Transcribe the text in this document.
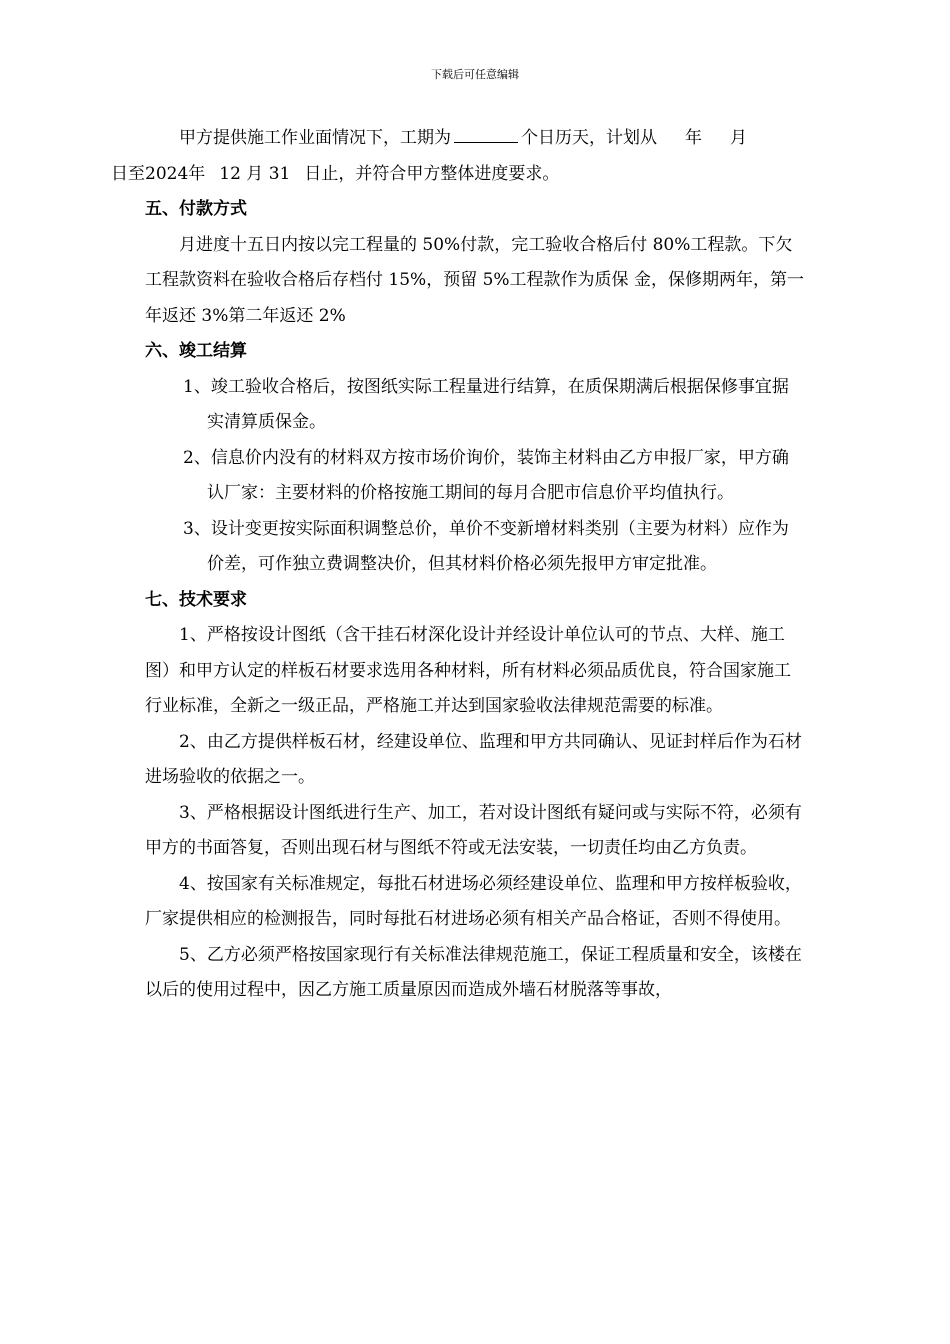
下载后可任意编辑

甲方提供施工作业面情况下，工期为	个日历天，计划从 年 月
日至2024年 12 月 31 日止，并符合甲方整体进度要求。

五、付款方式

月进度十五日内按以完工程量的 50%付款，完工验收合格后付 80%工程款。下欠工程款资料在验收合格后存档付 15%，预留 5%工程款作为质保 金，保修期两年，第一年返还 3%第二年返还 2%

六、竣工结算

1、竣工验收合格后，按图纸实际工程量进行结算，在质保期满后根据保修事宜据实清算质保金。

2、信息价内没有的材料双方按市场价询价，装饰主材料由乙方申报厂家，甲方确认厂家：主要材料的价格按施工期间的每月合肥市信息价平均值执行。

3、设计变更按实际面积调整总价，单价不变新增材料类别（主要为材料）应作为价差，可作独立费调整决价，但其材料价格必须先报甲方审定批准。

七、技术要求

1、严格按设计图纸（含干挂石材深化设计并经设计单位认可的节点、大样、施工图）和甲方认定的样板石材要求选用各种材料，所有材料必须品质优良，符合国家施工行业标准，全新之一级正品，严格施工并达到国家验收法律规范需要的标准。

2、由乙方提供样板石材，经建设单位、监理和甲方共同确认、见证封样后作为石材进场验收的依据之一。

3、严格根据设计图纸进行生产、加工，若对设计图纸有疑问或与实际不符，必须有甲方的书面答复，否则出现石材与图纸不符或无法安装，一切责任均由乙方负责。

4、按国家有关标准规定，每批石材进场必须经建设单位、监理和甲方按样板验收，厂家提供相应的检测报告，同时每批石材进场必须有相关产品合格证，否则不得使用。

5、乙方必须严格按国家现行有关标准法律规范施工，保证工程质量和安全，该楼在以后的使用过程中，因乙方施工质量原因而造成外墙石材脱落等事故，
